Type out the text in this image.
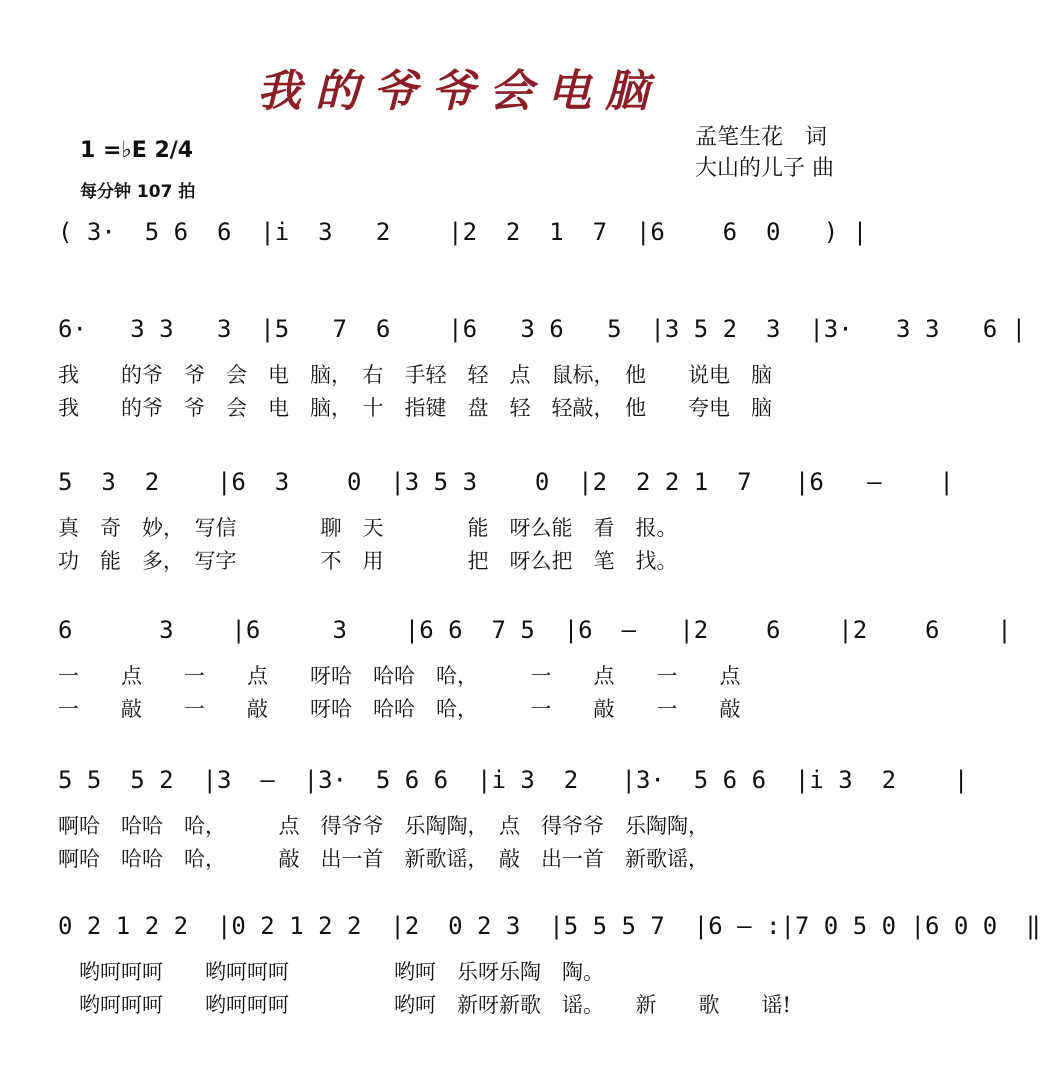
我的爷爷会电脑
孟笔生花　词
大山的儿子 曲
1 =♭E 2/4
每分钟 107 拍
( 3·  5 6  6  |i  3   2    |2  2  1  7  |6    6  0   ) |
6·   3 3   3  |5   7  6    |6   3 6   5  |3 5 2  3  |3·   3 3   6 |
我　　的爷　爷　会　电　脑，　右　手轻　轻　点　鼠标，　他　　说电　脑
我　　的爷　爷　会　电　脑，　十　指键　盘　轻　轻敲，　他　　夸电　脑
5  3  2    |6  3    0  |3 5 3    0  |2  2 2 1  7   |6   —    |
真　奇　妙，　写信　　　　聊　天　　　　能　呀么能　看　报。
功　能　多，　写字　　　　不　用　　　　把　呀么把　笔　找。
6      3    |6     3    |6 6  7 5  |6  —   |2    6    |2    6    |
一　　点　　一　　点　　呀哈　哈哈　哈，　　　一　　点　　一　　点
一　　敲　　一　　敲　　呀哈　哈哈　哈，　　　一　　敲　　一　　敲
5 5  5 2  |3  —  |3·  5 6 6  |i 3  2   |3·  5 6 6  |i 3  2    |
啊哈　哈哈　哈，　　　点　得爷爷　乐陶陶，　点　得爷爷　乐陶陶，
啊哈　哈哈　哈，　　　敲　出一首　新歌谣，　敲　出一首　新歌谣，
0 2 1 2 2  |0 2 1 2 2  |2  0 2 3  |5 5 5 7  |6 — :|7 0 5 0 |6 0 0  ‖
　哟呵呵呵　　哟呵呵呵　　　　　哟呵　乐呀乐陶　陶。
　哟呵呵呵　　哟呵呵呵　　　　　哟呵　新呀新歌　谣。　　新　　歌　　谣!
